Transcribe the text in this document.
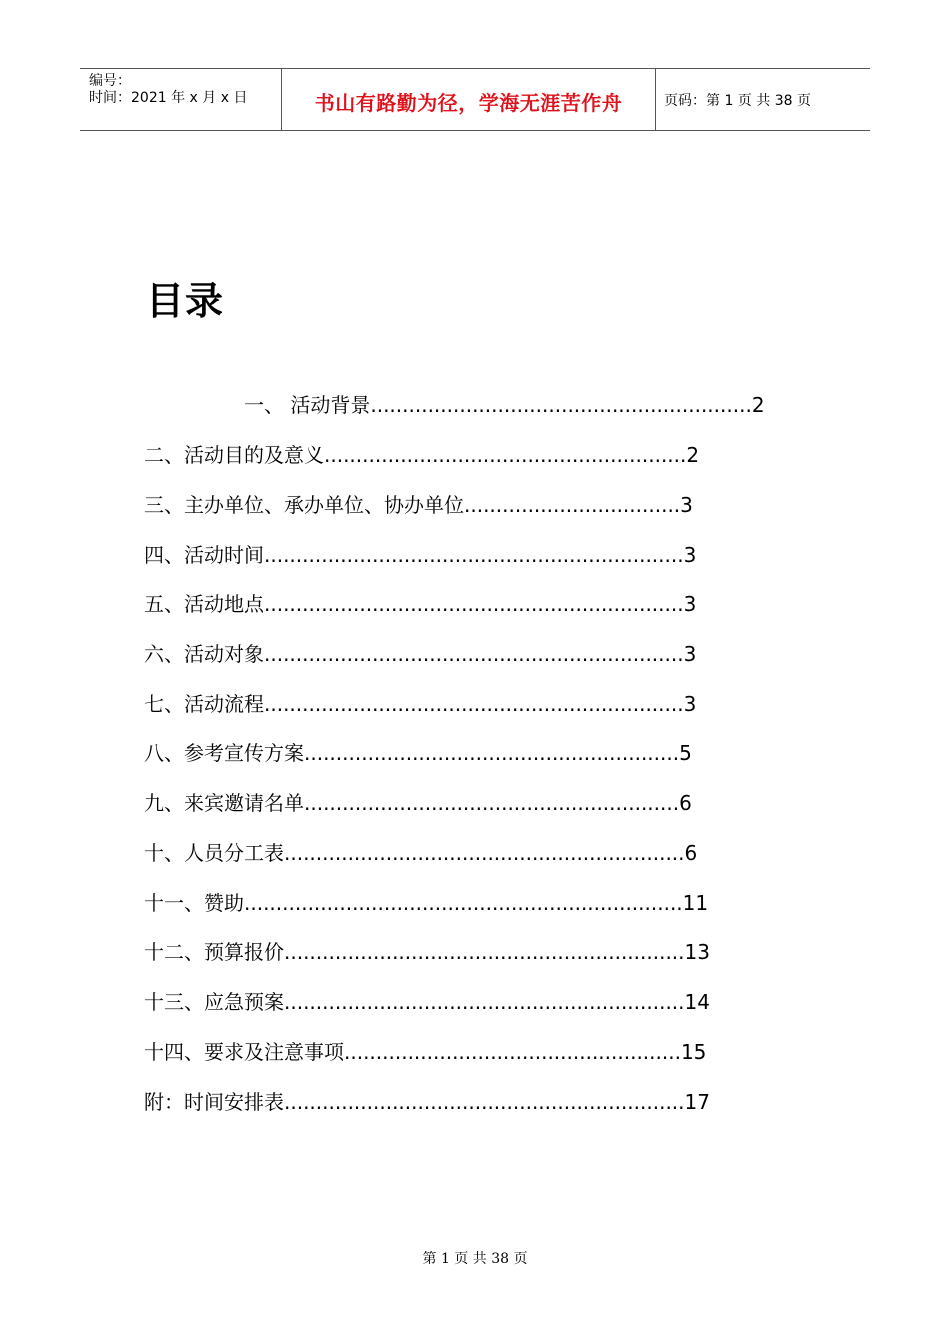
编号：
时间：2021 年 x 月 x 日	书山有路勤为径，学海无涯苦作舟	页码：第 1 页 共 38 页
目录
一、 活动背景............................................................2
二、活动目的及意义.........................................................2
三、主办单位、承办单位、协办单位..................................3
四、活动时间..................................................................3
五、活动地点..................................................................3
六、活动对象..................................................................3
七、活动流程..................................................................3
八、参考宣传方案...........................................................5
九、来宾邀请名单...........................................................6
十、人员分工表...............................................................6
十一、赞助.....................................................................11
十二、预算报价...............................................................13
十三、应急预案...............................................................14
十四、要求及注意事项.....................................................15
附：时间安排表...............................................................17
第 1 页 共 38 页
